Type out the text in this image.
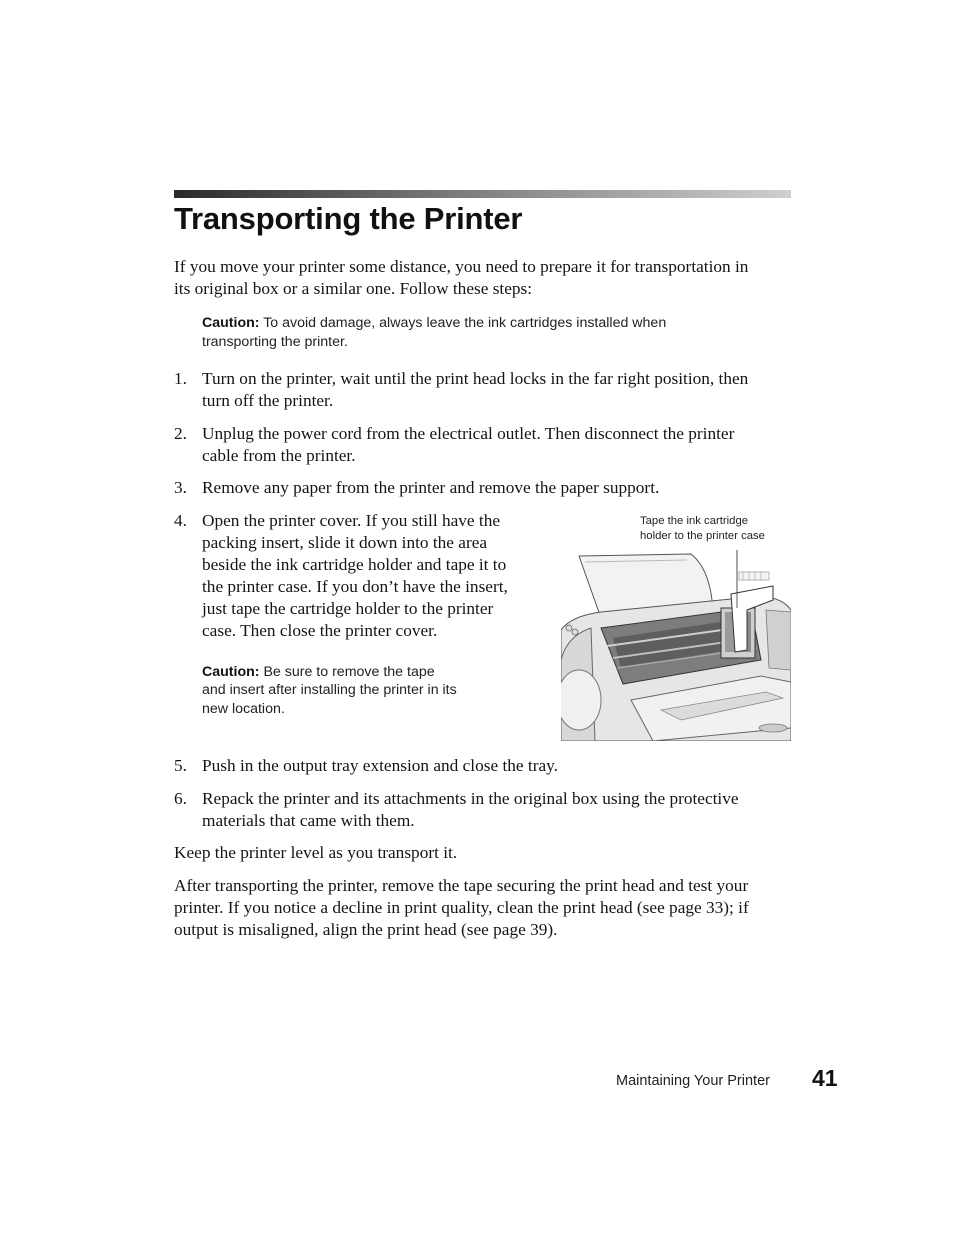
Transporting the Printer
If you move your printer some distance, you need to prepare it for transportation in
its original box or a similar one. Follow these steps:
Caution: To avoid damage, always leave the ink cartridges installed when
transporting the printer.
1. Turn on the printer, wait until the print head locks in the far right position, then
turn off the printer.
2. Unplug the power cord from the electrical outlet. Then disconnect the printer
cable from the printer.
3. Remove any paper from the printer and remove the paper support.
4. Open the printer cover. If you still have the
packing insert, slide it down into the area
beside the ink cartridge holder and tape it to
the printer case. If you don’t have the insert,
just tape the cartridge holder to the printer
case. Then close the printer cover.
Caution: Be sure to remove the tape
and insert after installing the printer in its
new location.
Tape the ink cartridge
holder to the printer case
5. Push in the output tray extension and close the tray.
6. Repack the printer and its attachments in the original box using the protective
materials that came with them.
Keep the printer level as you transport it.
After transporting the printer, remove the tape securing the print head and test your
printer. If you notice a decline in print quality, clean the print head (see page 33); if
output is misaligned, align the print head (see page 39).
Maintaining Your Printer 41
